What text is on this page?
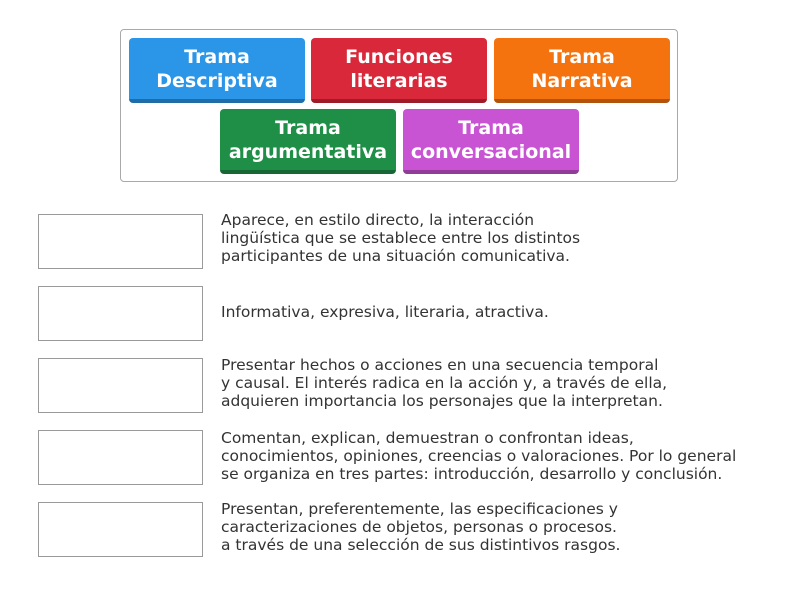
Trama
Descriptiva
Funciones
literarias
Trama
Narrativa
Trama
argumentativa
Trama
conversacional
Aparece, en estilo directo, la interacción
lingüística que se establece entre los distintos
participantes de una situación comunicativa.
Informativa, expresiva, literaria, atractiva.
Presentar hechos o acciones en una secuencia temporal
y causal. El interés radica en la acción y, a través de ella,
adquieren importancia los personajes que la interpretan.
Comentan, explican, demuestran o confrontan ideas,
conocimientos, opiniones, creencias o valoraciones. Por lo general
se organiza en tres partes: introducción, desarrollo y conclusión.
Presentan, preferentemente, las especificaciones y
caracterizaciones de objetos, personas o procesos.
a través de una selección de sus distintivos rasgos.
